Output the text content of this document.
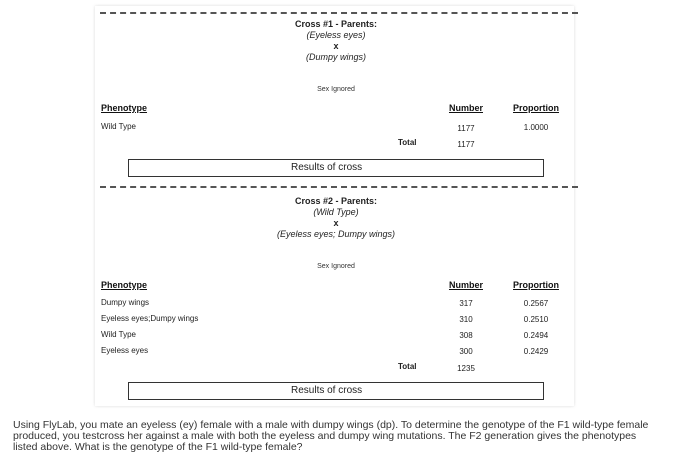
Cross #1 - Parents:
(Eyeless eyes)
x
(Dumpy wings)
Sex Ignored
Phenotype	Number	Proportion
Wild Type	1177	1.0000
Total	1177
Results of cross
Cross #2 - Parents:
(Wild Type)
x
(Eyeless eyes; Dumpy wings)
Sex Ignored
Phenotype	Number	Proportion
Dumpy wings	317	0.2567
Eyeless eyes;Dumpy wings	310	0.2510
Wild Type	308	0.2494
Eyeless eyes	300	0.2429
Total	1235
Results of cross
Using FlyLab, you mate an eyeless (ey) female with a male with dumpy wings (dp). To determine the genotype of the F1 wild-type female produced, you testcross her against a male with both the eyeless and dumpy wing mutations. The F2 generation gives the phenotypes listed above. What is the genotype of the F1 wild-type female?
